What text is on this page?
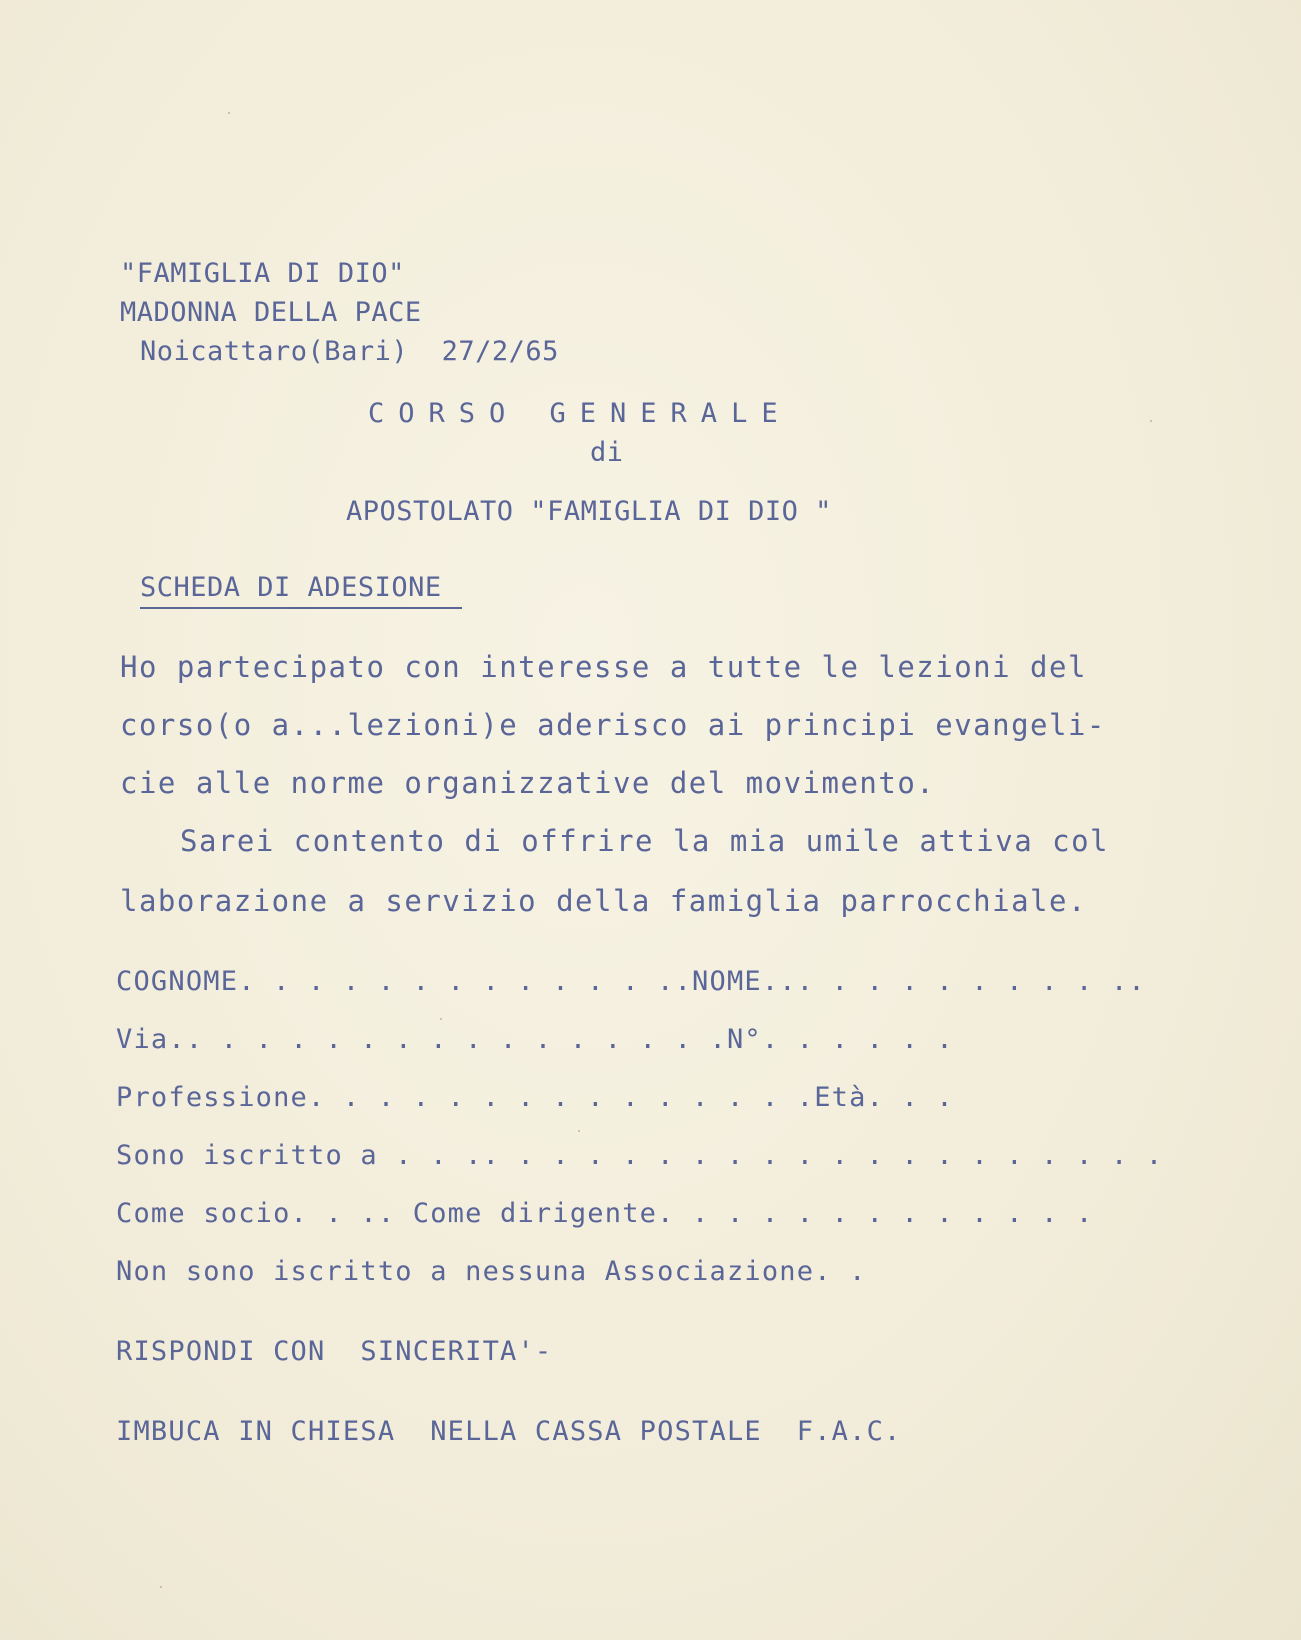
"FAMIGLIA DI DIO"
MADONNA DELLA PACE
Noicattaro(Bari)  27/2/65
CORSO GENERALE
di
APOSTOLATO "FAMIGLIA DI DIO "
SCHEDA DI ADESIONE
Ho partecipato con interesse a tutte le lezioni del
corso(o a...lezioni)e aderisco ai principi evangeli-
cie alle norme organizzative del movimento.
Sarei contento di offrire la mia umile attiva col
laborazione a servizio della famiglia parrocchiale.
COGNOME. . . . . . . . . . . . ..NOME... . . . . . . . . ..
Via.. . . . . . . . . . . . . . . .N°. . . . . .
Professione. . . . . . . . . . . . . . .Età. . .
Sono iscritto a . . .. . . . . . . . . . . . . . . . . . . .
Come socio. . .. Come dirigente. . . . . . . . . . . . .
Non sono iscritto a nessuna Associazione. .
RISPONDI CON  SINCERITA'-
IMBUCA IN CHIESA  NELLA CASSA POSTALE  F.A.C.
